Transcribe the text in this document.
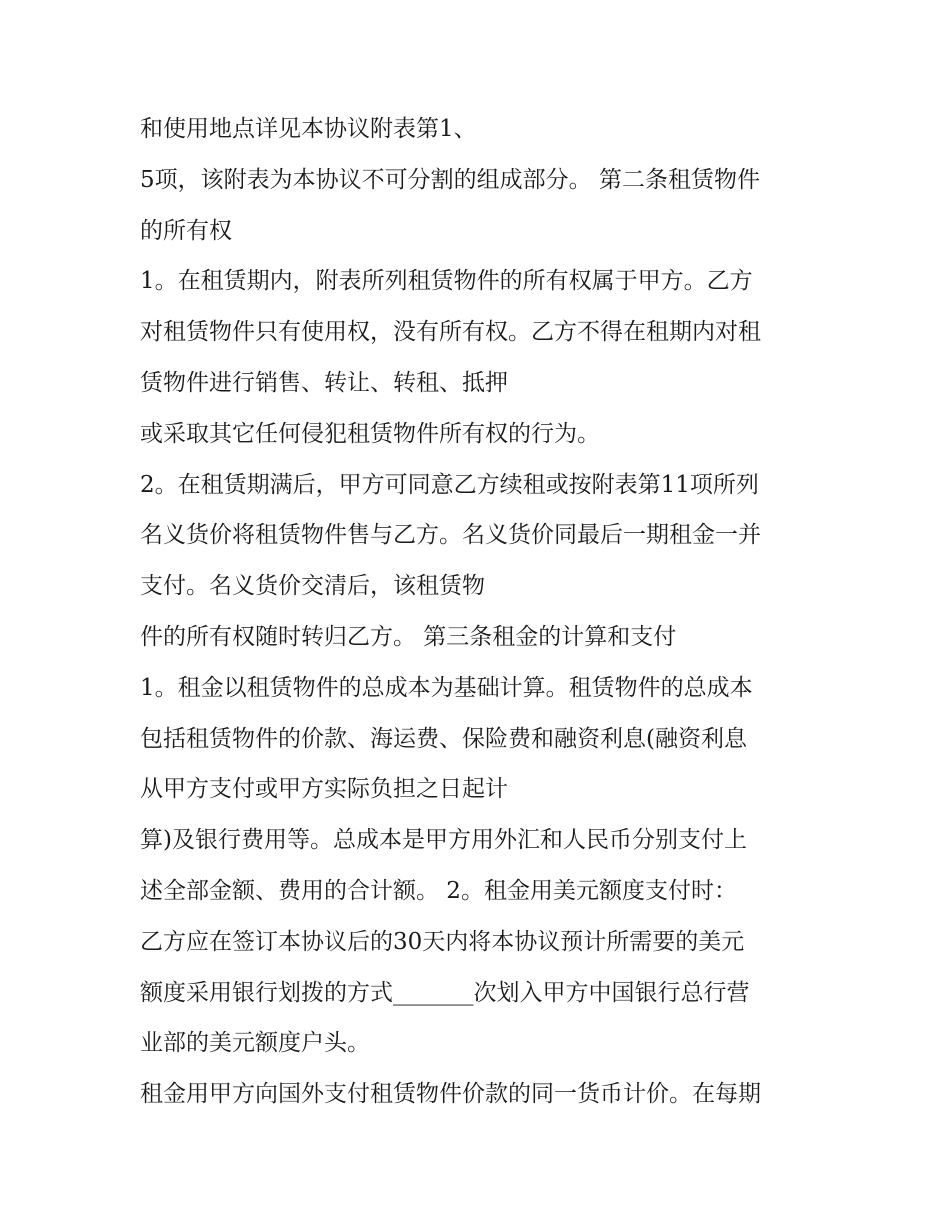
和使用地点详见本协议附表第1、
5项，该附表为本协议不可分割的组成部分。 第二条租赁物件
的所有权
1。在租赁期内，附表所列租赁物件的所有权属于甲方。乙方
对租赁物件只有使用权，没有所有权。乙方不得在租期内对租
赁物件进行销售、转让、转租、抵押
或采取其它任何侵犯租赁物件所有权的行为。
2。在租赁期满后，甲方可同意乙方续租或按附表第11项所列
名义货价将租赁物件售与乙方。名义货价同最后一期租金一并
支付。名义货价交清后，该租赁物
件的所有权随时转归乙方。 第三条租金的计算和支付
1。租金以租赁物件的总成本为基础计算。租赁物件的总成本
包括租赁物件的价款、海运费、保险费和融资利息(融资利息
从甲方支付或甲方实际负担之日起计
算)及银行费用等。总成本是甲方用外汇和人民币分别支付上
述全部金额、费用的合计额。 2。租金用美元额度支付时：
乙方应在签订本协议后的30天内将本协议预计所需要的美元
额度采用银行划拨的方式_______次划入甲方中国银行总行营
业部的美元额度户头。
租金用甲方向国外支付租赁物件价款的同一货币计价。在每期
